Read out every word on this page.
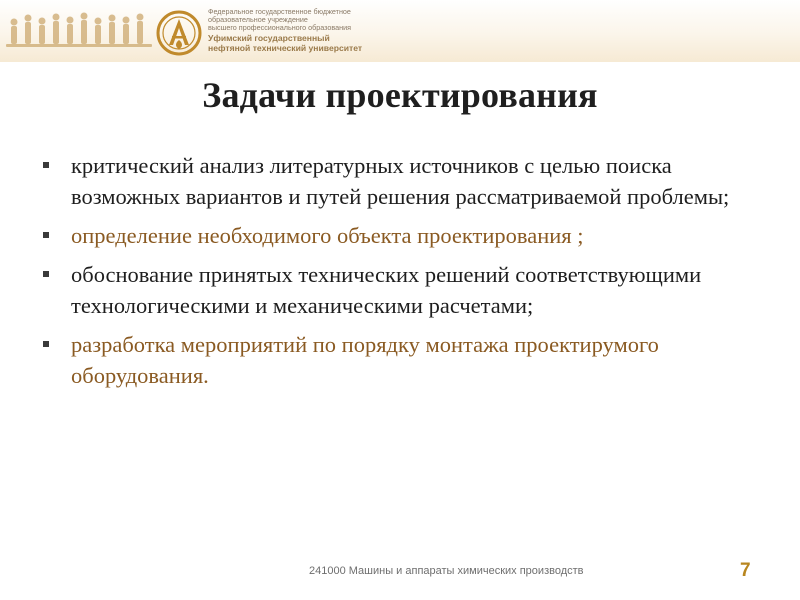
Федеральное государственное бюджетное
образовательное учреждение
высшего профессионального образования
Уфимский государственный
нефтяной технический университет
Задачи проектирования
критический анализ литературных источников с целью поиска возможных вариантов и путей решения рассматриваемой проблемы;
определение необходимого объекта проектирования ;
обоснование принятых технических решений соответствующими технологическими и механическими расчетами;
разработка мероприятий по порядку монтажа проектирумого оборудования.
241000 Машины и аппараты химических производств	7
